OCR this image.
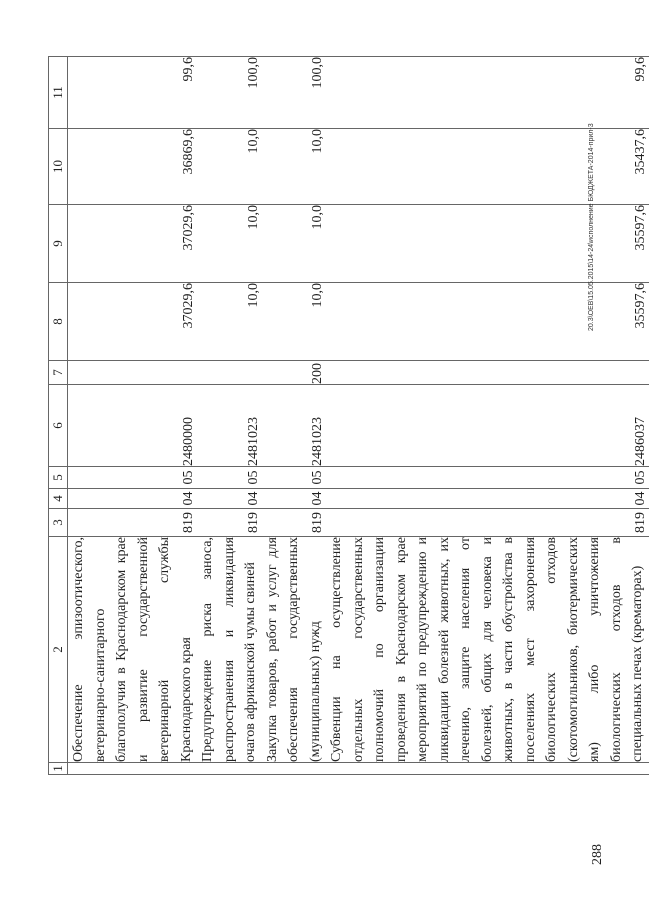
1	2	3	4	5	6	7	8	9	10	11
	Обеспечение эпизоотического, ветеринарно-санитарного благополучия в Краснодарском крае и развитие государственной ветеринарной службы Краснодарского края	819	04	05	2480000		37029,6	37029,6	36869,6	99,6
	Предупреждение риска заноса, распространения и ликвидация очагов африканской чумы свиней	819	04	05	2481023		10,0	10,0	10,0	100,0
	Закупка товаров, работ и услуг для обеспечения государственных (муниципальных) нужд	819	04	05	2481023	200	10,0	10,0	10,0	100,0
	Субвенции на осуществление отдельных государственных полномочий по организации проведения в Краснодарском крае мероприятий по предупреждению и ликвидации болезней животных, их лечению, защите населения от болезней, общих для человека и животных, в части обустройства в поселениях мест захоронения биологических отходов (скотомогильников, биотермических ям) либо уничтожения биологических отходов в специальных печах (крематорах)	819	04	05	2486037		35597,6	35597,6	35437,6	99,6
288
20.3\ОЕВ\15.05.2015\14-24\исполнение БЮДЖЕТА-2014-прил-3
